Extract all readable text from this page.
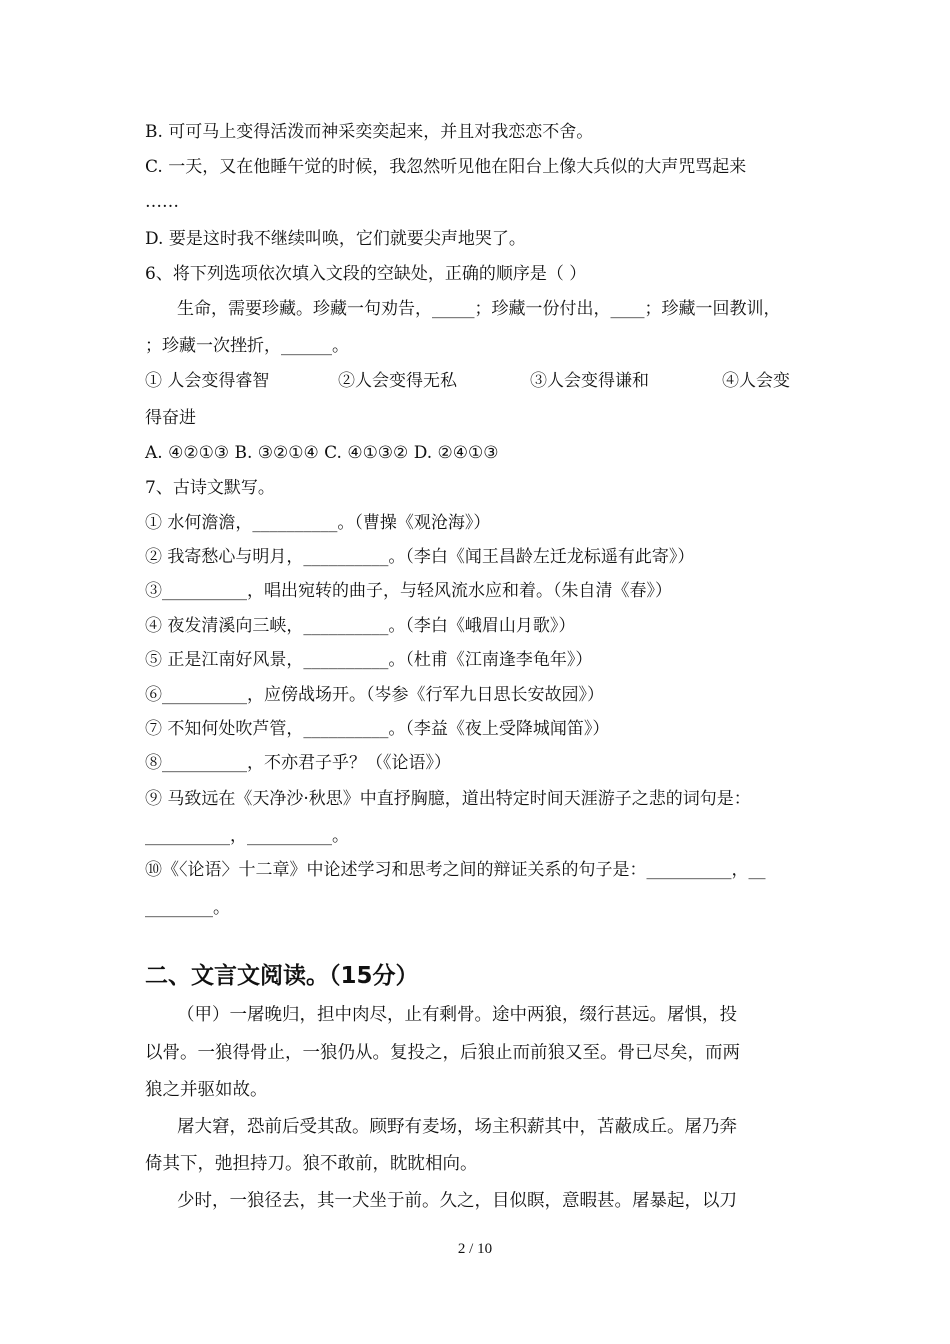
B. 可可马上变得活泼而神采奕奕起来，并且对我恋恋不舍。
C. 一天，又在他睡午觉的时候，我忽然听见他在阳台上像大兵似的大声咒骂起来
……
D. 要是这时我不继续叫唤，它们就要尖声地哭了。
6、将下列选项依次填入文段的空缺处，正确的顺序是（ ）
生命，需要珍藏。珍藏一句劝告，_____；珍藏一份付出，____；珍藏一回教训，
；珍藏一次挫折，______。
① 人会变得睿智	②人会变得无私	③人会变得谦和	④人会变
得奋进
A. ④②①③ B. ③②①④ C. ④①③② D. ②④①③
7、古诗文默写。
① 水何澹澹，__________。（曹操《观沧海》）
② 我寄愁心与明月，__________。（李白《闻王昌龄左迁龙标遥有此寄》）
③__________，唱出宛转的曲子，与轻风流水应和着。（朱自清《春》）
④ 夜发清溪向三峡，__________。（李白《峨眉山月歌》）
⑤ 正是江南好风景，__________。（杜甫《江南逢李龟年》）
⑥__________，应傍战场开。（岑参《行军九日思长安故园》）
⑦ 不知何处吹芦管，__________。（李益《夜上受降城闻笛》）
⑧__________，不亦君子乎？（《论语》）
⑨ 马致远在《天净沙·秋思》中直抒胸臆，道出特定时间天涯游子之悲的词句是：
__________，__________。
⑩《〈论语〉十二章》中论述学习和思考之间的辩证关系的句子是：__________，__
________。
二、文言文阅读。（15分）
（甲）一屠晚归，担中肉尽，止有剩骨。途中两狼，缀行甚远。屠惧，投
以骨。一狼得骨止，一狼仍从。复投之，后狼止而前狼又至。骨已尽矣，而两
狼之并驱如故。
屠大窘，恐前后受其敌。顾野有麦场，场主积薪其中，苫蔽成丘。屠乃奔
倚其下，弛担持刀。狼不敢前，眈眈相向。
少时，一狼径去，其一犬坐于前。久之，目似瞑，意暇甚。屠暴起，以刀
2 / 10
